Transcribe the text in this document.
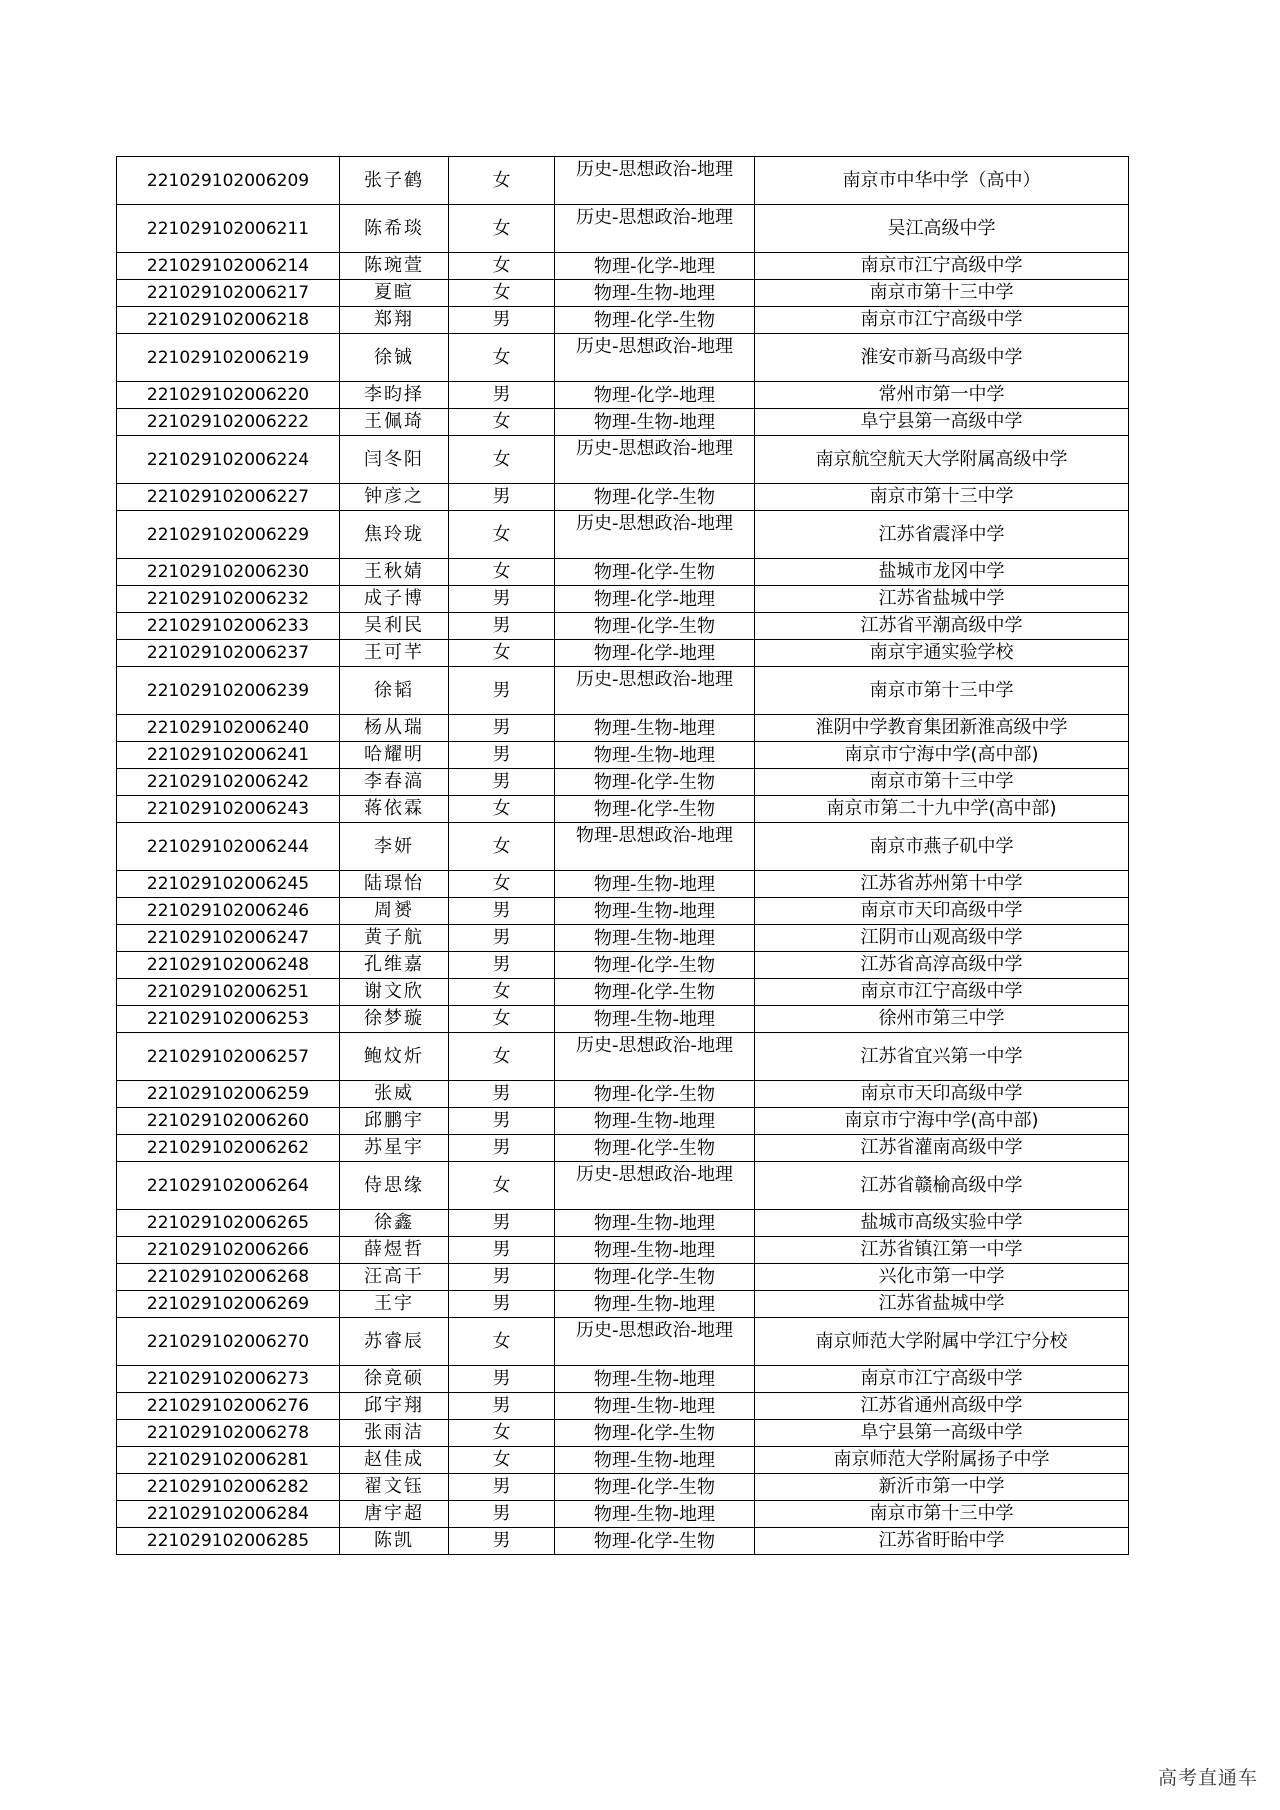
221029102006209	张子鹤	女	历史-思想政治-地理	南京市中华中学（高中）
221029102006211	陈希琰	女	历史-思想政治-地理	吴江高级中学
221029102006214	陈琬萱	女	物理-化学-地理	南京市江宁高级中学
221029102006217	夏暄	女	物理-生物-地理	南京市第十三中学
221029102006218	郑翔	男	物理-化学-生物	南京市江宁高级中学
221029102006219	徐铖	女	历史-思想政治-地理	淮安市新马高级中学
221029102006220	李昀择	男	物理-化学-地理	常州市第一中学
221029102006222	王佩琦	女	物理-生物-地理	阜宁县第一高级中学
221029102006224	闫冬阳	女	历史-思想政治-地理	南京航空航天大学附属高级中学
221029102006227	钟彦之	男	物理-化学-生物	南京市第十三中学
221029102006229	焦玲珑	女	历史-思想政治-地理	江苏省震泽中学
221029102006230	王秋婧	女	物理-化学-生物	盐城市龙冈中学
221029102006232	成子博	男	物理-化学-地理	江苏省盐城中学
221029102006233	吴利民	男	物理-化学-生物	江苏省平潮高级中学
221029102006237	王可芊	女	物理-化学-地理	南京宇通实验学校
221029102006239	徐韬	男	历史-思想政治-地理	南京市第十三中学
221029102006240	杨从瑞	男	物理-生物-地理	淮阴中学教育集团新淮高级中学
221029102006241	哈耀明	男	物理-生物-地理	南京市宁海中学(高中部)
221029102006242	李春滈	男	物理-化学-生物	南京市第十三中学
221029102006243	蒋依霖	女	物理-化学-生物	南京市第二十九中学(高中部)
221029102006244	李妍	女	物理-思想政治-地理	南京市燕子矶中学
221029102006245	陆璟怡	女	物理-生物-地理	江苏省苏州第十中学
221029102006246	周赟	男	物理-生物-地理	南京市天印高级中学
221029102006247	黄子航	男	物理-生物-地理	江阴市山观高级中学
221029102006248	孔维嘉	男	物理-化学-生物	江苏省高淳高级中学
221029102006251	谢文欣	女	物理-化学-生物	南京市江宁高级中学
221029102006253	徐梦璇	女	物理-生物-地理	徐州市第三中学
221029102006257	鲍炆炘	女	历史-思想政治-地理	江苏省宜兴第一中学
221029102006259	张威	男	物理-化学-生物	南京市天印高级中学
221029102006260	邱鹏宇	男	物理-生物-地理	南京市宁海中学(高中部)
221029102006262	苏星宇	男	物理-化学-生物	江苏省灌南高级中学
221029102006264	侍思缘	女	历史-思想政治-地理	江苏省赣榆高级中学
221029102006265	徐鑫	男	物理-生物-地理	盐城市高级实验中学
221029102006266	薛煜哲	男	物理-生物-地理	江苏省镇江第一中学
221029102006268	汪高干	男	物理-化学-生物	兴化市第一中学
221029102006269	王宇	男	物理-生物-地理	江苏省盐城中学
221029102006270	苏睿辰	女	历史-思想政治-地理	南京师范大学附属中学江宁分校
221029102006273	徐竟硕	男	物理-生物-地理	南京市江宁高级中学
221029102006276	邱宇翔	男	物理-生物-地理	江苏省通州高级中学
221029102006278	张雨洁	女	物理-化学-生物	阜宁县第一高级中学
221029102006281	赵佳成	女	物理-生物-地理	南京师范大学附属扬子中学
221029102006282	翟文钰	男	物理-化学-生物	新沂市第一中学
221029102006284	唐宇超	男	物理-生物-地理	南京市第十三中学
221029102006285	陈凯	男	物理-化学-生物	江苏省盱眙中学
高考直通车
